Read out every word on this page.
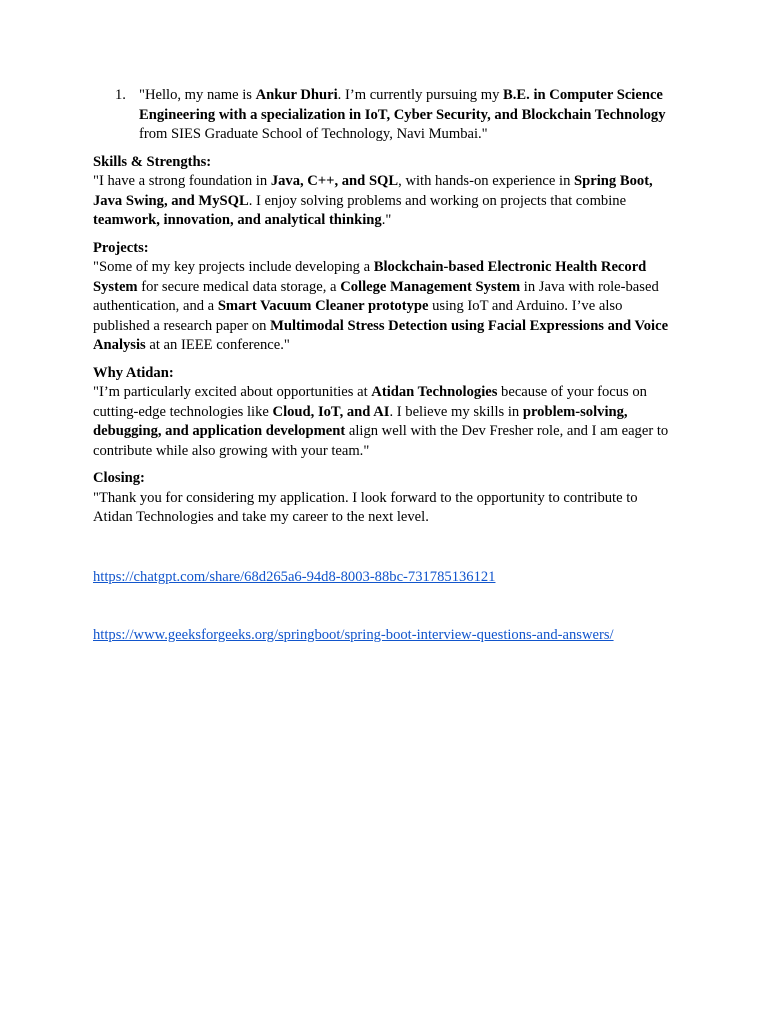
1. "Hello, my name is Ankur Dhuri. I’m currently pursuing my B.E. in Computer Science Engineering with a specialization in IoT, Cyber Security, and Blockchain Technology from SIES Graduate School of Technology, Navi Mumbai."
Skills & Strengths:
"I have a strong foundation in Java, C++, and SQL, with hands-on experience in Spring Boot, Java Swing, and MySQL. I enjoy solving problems and working on projects that combine teamwork, innovation, and analytical thinking."
Projects:
"Some of my key projects include developing a Blockchain-based Electronic Health Record System for secure medical data storage, a College Management System in Java with role-based authentication, and a Smart Vacuum Cleaner prototype using IoT and Arduino. I’ve also published a research paper on Multimodal Stress Detection using Facial Expressions and Voice Analysis at an IEEE conference."
Why Atidan:
"I’m particularly excited about opportunities at Atidan Technologies because of your focus on cutting-edge technologies like Cloud, IoT, and AI. I believe my skills in problem-solving, debugging, and application development align well with the Dev Fresher role, and I am eager to contribute while also growing with your team."
Closing:
"Thank you for considering my application. I look forward to the opportunity to contribute to Atidan Technologies and take my career to the next level.
https://chatgpt.com/share/68d265a6-94d8-8003-88bc-731785136121
https://www.geeksforgeeks.org/springboot/spring-boot-interview-questions-and-answers/
